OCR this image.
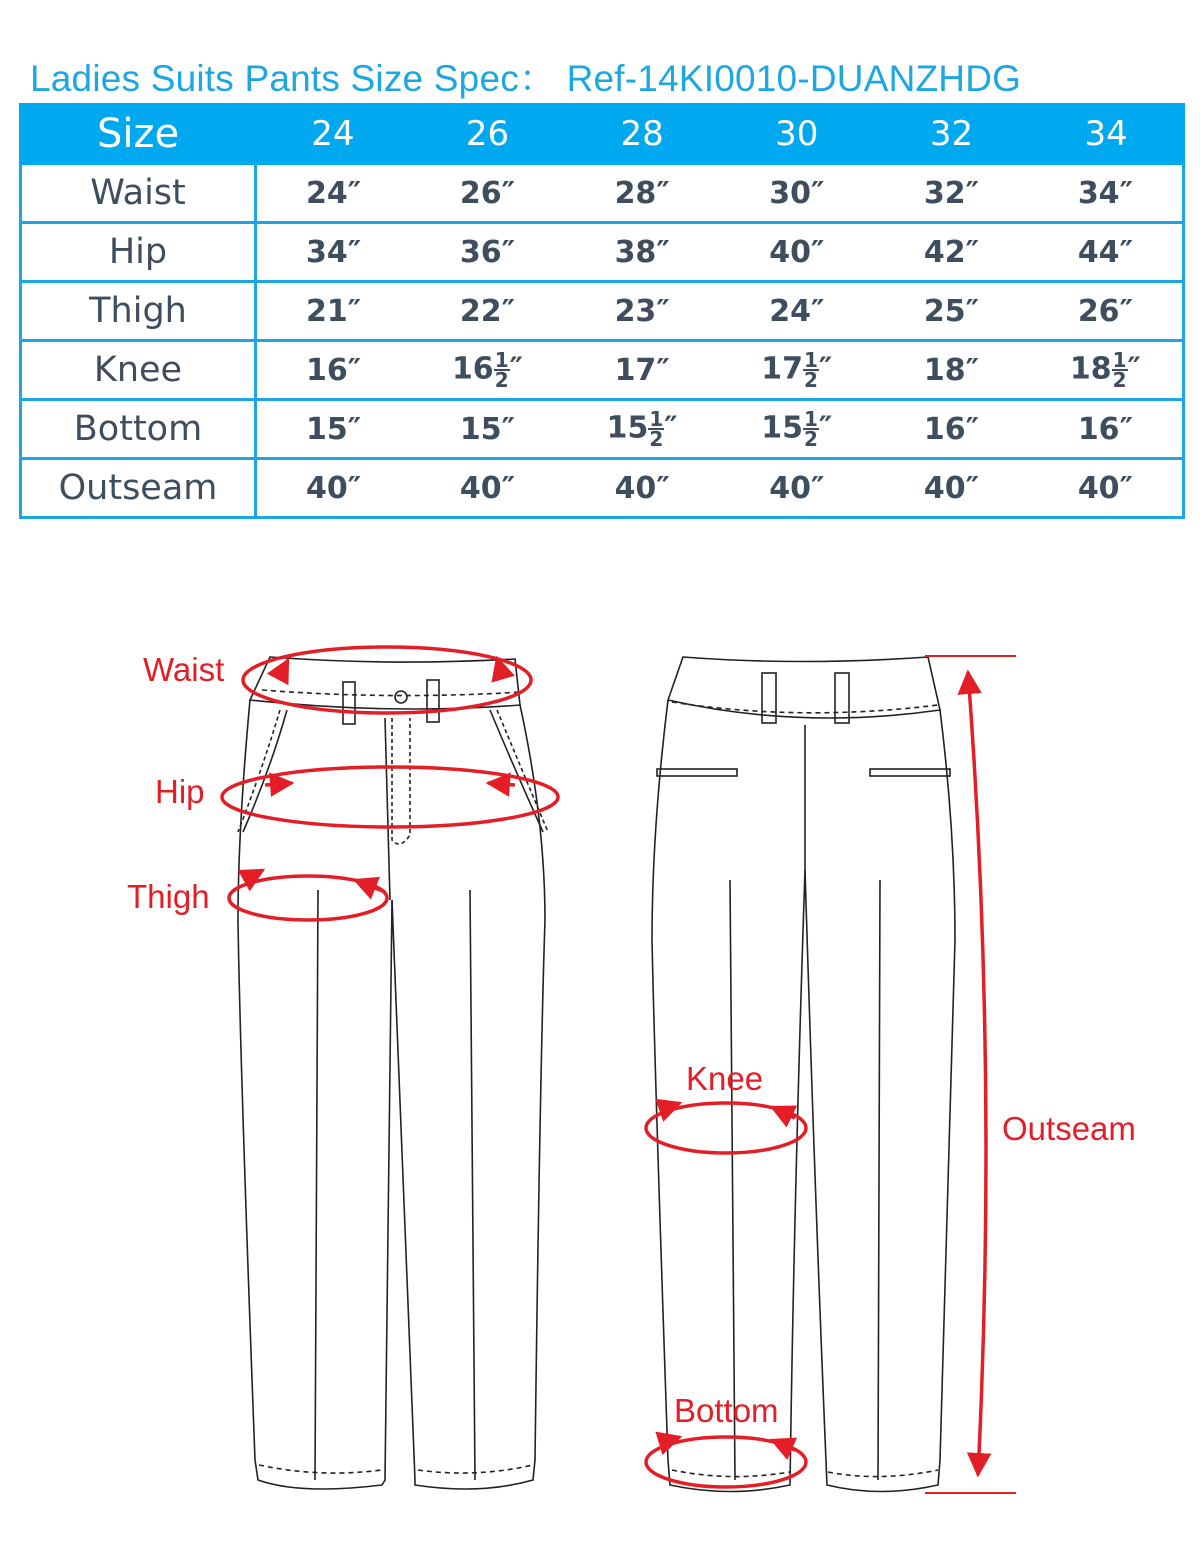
Ladies Suits Pants Size Spec： Ref-14KI0010-DUANZHDG
Size	24	26	28	30	32	34
Waist	24″	26″	28″	30″	32″	34″
Hip	34″	36″	38″	40″	42″	44″
Thigh	21″	22″	23″	24″	25″	26″
Knee	16″	$16 \frac{1}{2}$ ″	17″	$17 \frac{1}{2}$ ″	18″	$18 \frac{1}{2}$ ″
Bottom	15″	15″	$15 \frac{1}{2}$ ″	$15 \frac{1}{2}$ ″	16″	16″
Outseam	40″	40″	40″	40″	40″	40″
Waist
Hip
Thigh
Knee
Bottom
Outseam
